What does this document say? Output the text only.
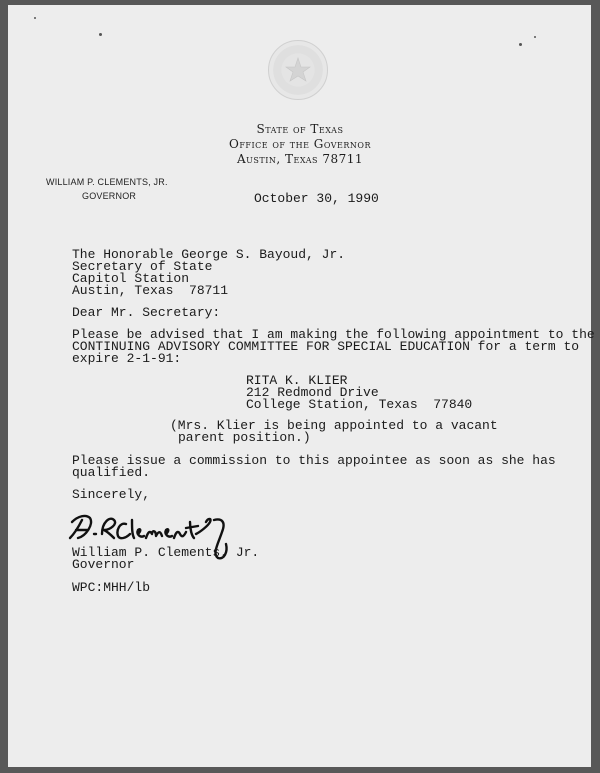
State of Texas
Office of the Governor
Austin, Texas 78711
WILLIAM P. CLEMENTS, JR.
GOVERNOR	October 30, 1990
The Honorable George S. Bayoud, Jr.
Secretary of State
Capitol Station
Austin, Texas  78711
Dear Mr. Secretary:
Please be advised that I am making the following appointment to the
CONTINUING ADVISORY COMMITTEE FOR SPECIAL EDUCATION for a term to
expire 2-1-91:
RITA K. KLIER
212 Redmond Drive
College Station, Texas  77840
(Mrs. Klier is being appointed to a vacant
parent position.)
Please issue a commission to this appointee as soon as she has
qualified.
Sincerely,
William P. Clements, Jr.
Governor
WPC:MHH/lb
